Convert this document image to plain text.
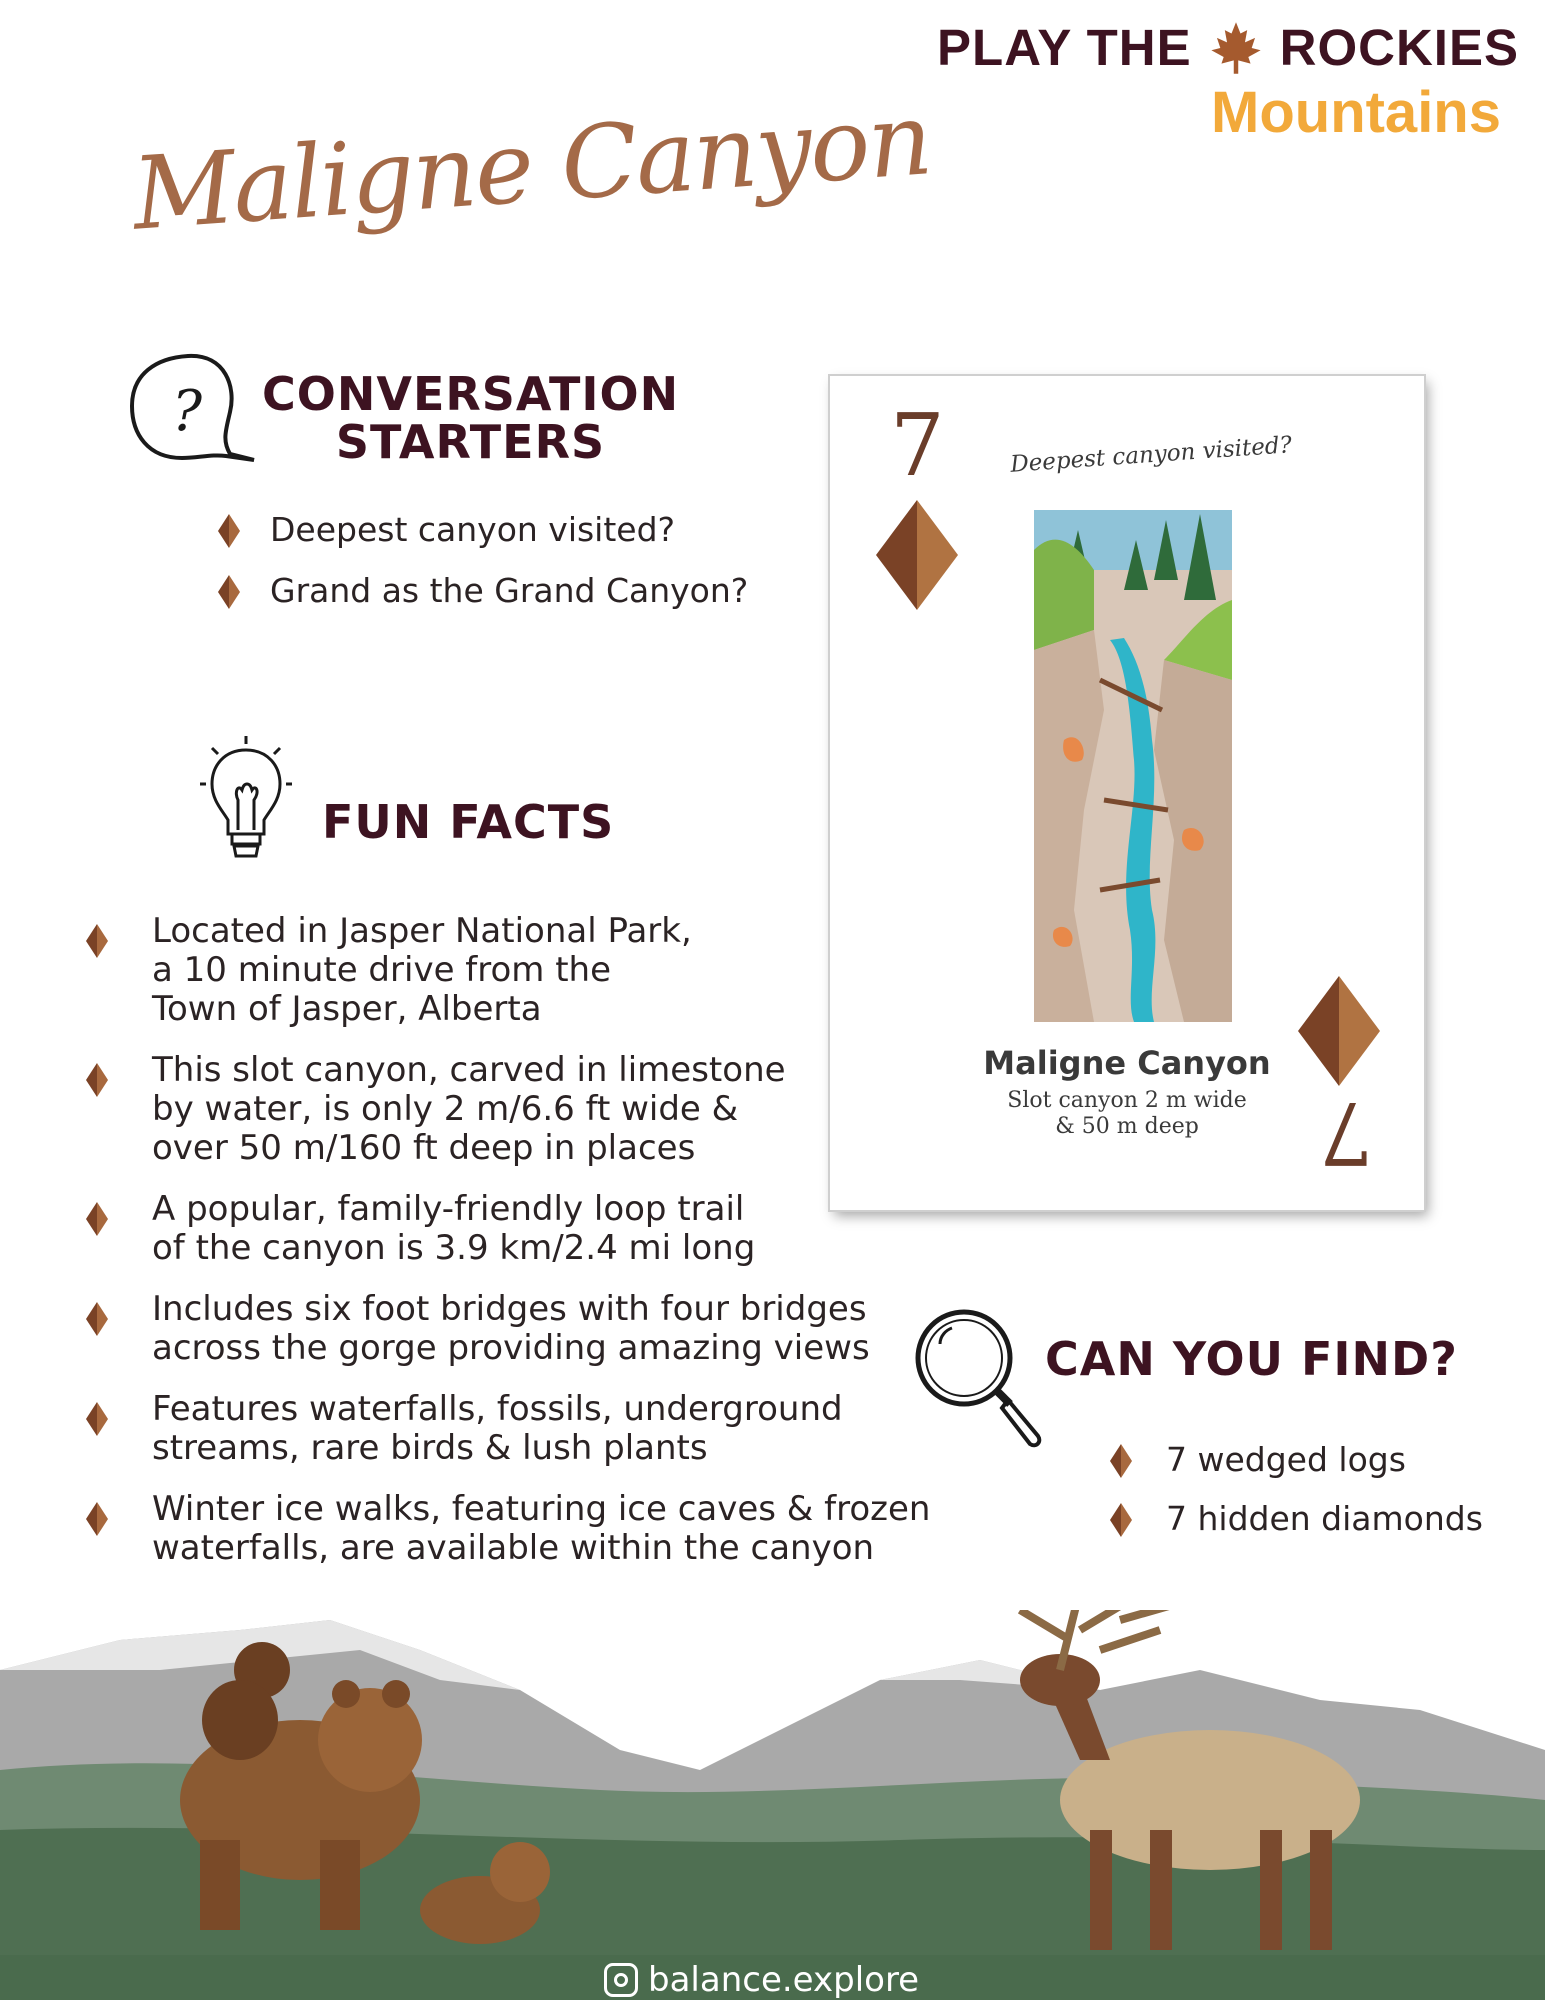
PLAY THE ROCKIES
Mountains
Maligne Canyon
? CONVERSATION
STARTERS
Deepest canyon visited?
Grand as the Grand Canyon?
FUN FACTS
Located in Jasper National Park,
a 10 minute drive from the
Town of Jasper, Alberta
This slot canyon, carved in limestone
by water, is only 2 m/6.6 ft wide &
over 50 m/160 ft deep in places
A popular, family-friendly loop trail
of the canyon is 3.9 km/2.4 mi long
Includes six foot bridges with four bridges
across the gorge providing amazing views
Features waterfalls, fossils, underground
streams, rare birds & lush plants
Winter ice walks, featuring ice caves & frozen
waterfalls, are available within the canyon
7	Deepest canyon visited?
Maligne Canyon
Slot canyon 2 m wide
& 50 m deep	7
CAN YOU FIND?
7 wedged logs
7 hidden diamonds
balance.explore
